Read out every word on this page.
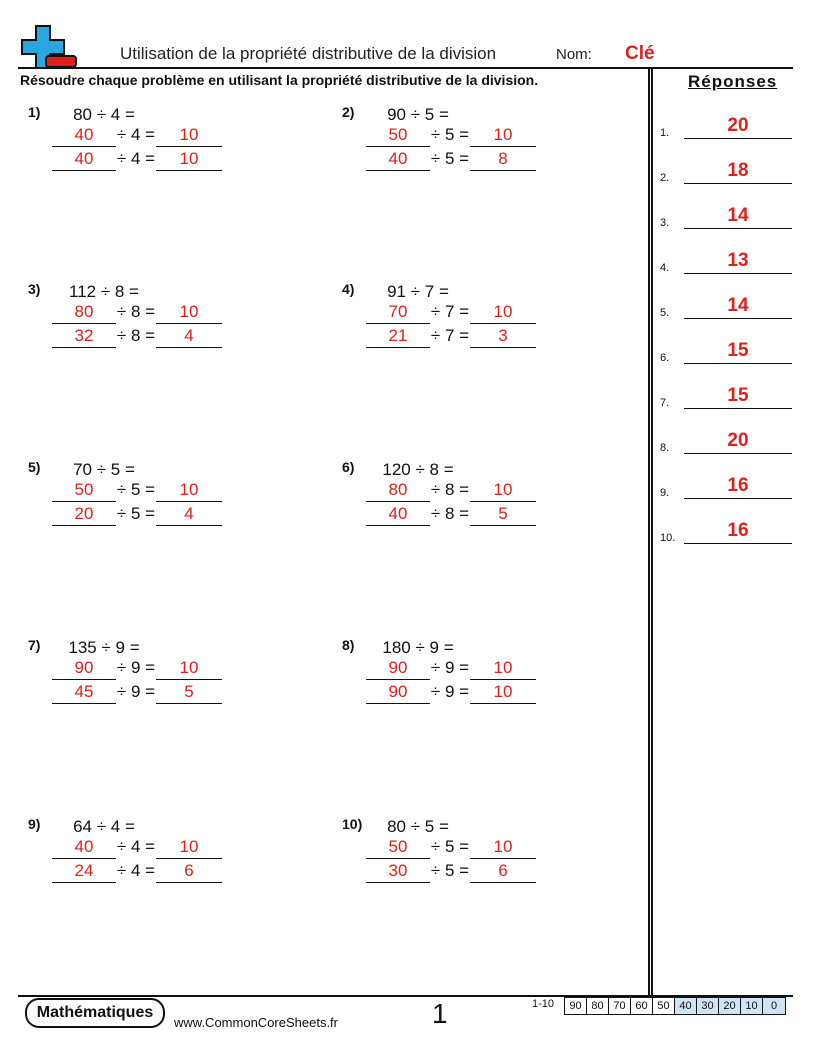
Utilisation de la propriété distributive de la division	Nom: Clé
Résoudre chaque problème en utilisant la propriété distributive de la division.	Réponses
1)	80 ÷ 4 =
40	÷ 4 =	10
40	÷ 4 =	10
2)	90 ÷ 5 =
50	÷ 5 =	10
40	÷ 5 =	8
3)	112 ÷ 8 =
80	÷ 8 =	10
32	÷ 8 =	4
4)	91 ÷ 7 =
70	÷ 7 =	10
21	÷ 7 =	3
5)	70 ÷ 5 =
50	÷ 5 =	10
20	÷ 5 =	4
6)	120 ÷ 8 =
80	÷ 8 =	10
40	÷ 8 =	5
7)	135 ÷ 9 =
90	÷ 9 =	10
45	÷ 9 =	5
8)	180 ÷ 9 =
90	÷ 9 =	10
90	÷ 9 =	10
9)	64 ÷ 4 =
40	÷ 4 =	10
24	÷ 4 =	6
10)	80 ÷ 5 =
50	÷ 5 =	10
30	÷ 5 =	6
1.	20
2.	18
3.	14
4.	13
5.	14
6.	15
7.	15
8.	20
9.	16
10.	16
Mathématiques
www.CommonCoreSheets.fr	1	1-10	90 80 70 60 50 40 30 20 10	0
